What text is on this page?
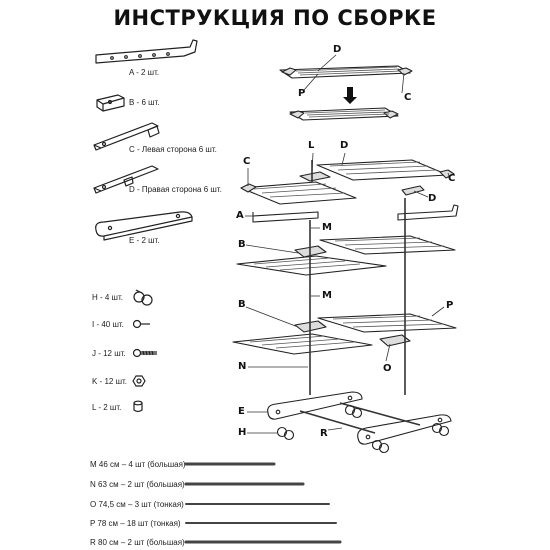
ИНСТРУКЦИЯ ПО СБОРКЕ
A - 2 шт.
B - 6 шт.
C - Левая сторона 6 шт.
D - Правая сторона 6 шт.
E - 2 шт.
H - 4 шт.
I - 40 шт.
J - 12 шт.
K - 12 шт.
L - 2 шт.
M 46 см – 4 шт (большая)
N 63 см – 2 шт (большая)
O 74,5 см – 3 шт (тонкая)
P 78 см – 18 шт (тонкая)
R 80 см – 2 шт (большая)
D
P	C
L	D
C
C
D
A
M
B
M
B	P
N	O
E
H	R
